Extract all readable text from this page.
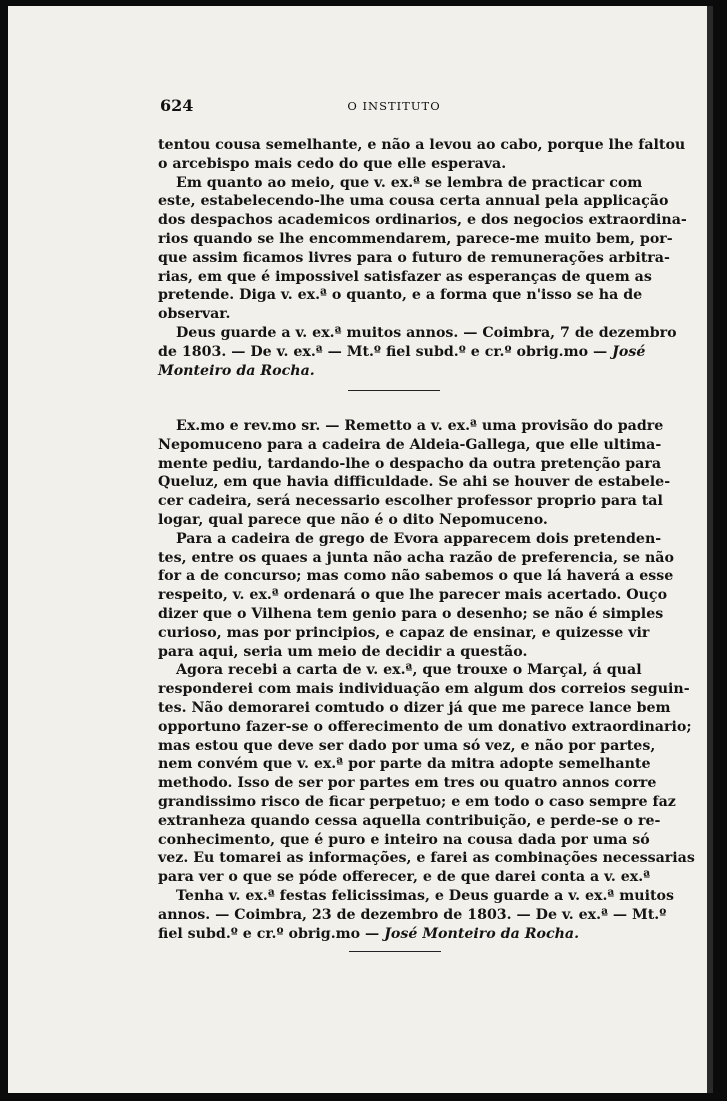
624	O INSTITUTO
tentou cousa semelhante, e não a levou ao cabo, porque lhe faltou
o arcebispo mais cedo do que elle esperava.
Em quanto ao meio, que v. ex.ª se lembra de practicar com
este, estabelecendo-lhe uma cousa certa annual pela applicação
dos despachos academicos ordinarios, e dos negocios extraordina-
rios quando se lhe encommendarem, parece-me muito bem, por-
que assim ficamos livres para o futuro de remunerações arbitra-
rias, em que é impossivel satisfazer as esperanças de quem as
pretende. Diga v. ex.ª o quanto, e a forma que n'isso se ha de
observar.
Deus guarde a v. ex.ª muitos annos. — Coimbra, 7 de dezembro
de 1803. — De v. ex.ª — Mt.º fiel subd.º e cr.º obrig.mo — José
Monteiro da Rocha.
Ex.mo e rev.mo sr. — Remetto a v. ex.ª uma provisão do padre
Nepomuceno para a cadeira de Aldeia-Gallega, que elle ultima-
mente pediu, tardando-lhe o despacho da outra pretenção para
Queluz, em que havia difficuldade. Se ahi se houver de estabele-
cer cadeira, será necessario escolher professor proprio para tal
logar, qual parece que não é o dito Nepomuceno.
Para a cadeira de grego de Evora apparecem dois pretenden-
tes, entre os quaes a junta não acha razão de preferencia, se não
for a de concurso; mas como não sabemos o que lá haverá a esse
respeito, v. ex.ª ordenará o que lhe parecer mais acertado. Ouço
dizer que o Vilhena tem genio para o desenho; se não é simples
curioso, mas por principios, e capaz de ensinar, e quizesse vir
para aqui, seria um meio de decidir a questão.
Agora recebi a carta de v. ex.ª, que trouxe o Marçal, á qual
responderei com mais individuação em algum dos correios seguin-
tes. Não demorarei comtudo o dizer já que me parece lance bem
opportuno fazer-se o offerecimento de um donativo extraordinario;
mas estou que deve ser dado por uma só vez, e não por partes,
nem convém que v. ex.ª por parte da mitra adopte semelhante
methodo. Isso de ser por partes em tres ou quatro annos corre
grandissimo risco de ficar perpetuo; e em todo o caso sempre faz
extranheza quando cessa aquella contribuição, e perde-se o re-
conhecimento, que é puro e inteiro na cousa dada por uma só
vez. Eu tomarei as informações, e farei as combinações necessarias
para ver o que se póde offerecer, e de que darei conta a v. ex.ª
Tenha v. ex.ª festas felicissimas, e Deus guarde a v. ex.ª muitos
annos. — Coimbra, 23 de dezembro de 1803. — De v. ex.ª — Mt.º
fiel subd.º e cr.º obrig.mo — José Monteiro da Rocha.
